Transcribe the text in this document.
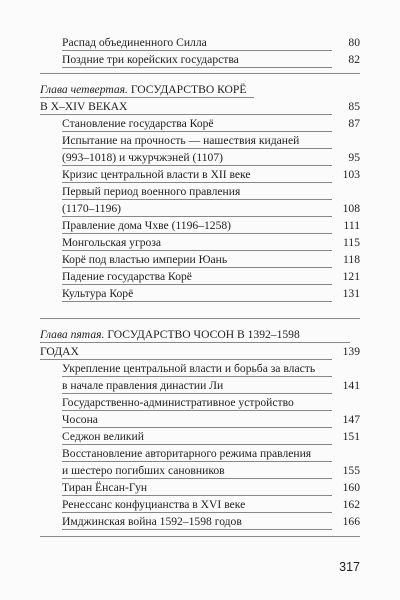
Распад объединенного Силла	80
Поздние три корейских государства	82
Глава четвертая. ГОСУДАРСТВО КОРЁ
В X–XIV ВЕКАХ	85
Становление государства Корё	87
Испытание на прочность — нашествия киданей
(993–1018) и чжурчжэней (1107)	95
Кризис центральной власти в XII веке	103
Первый период военного правления
(1170–1196)	108
Правление дома Чхве (1196–1258)	111
Монгольская угроза	115
Корё под властью империи Юань	118
Падение государства Корё	121
Культура Корё	131
Глава пятая. ГОСУДАРСТВО ЧОСОН В 1392–1598
ГОДАХ	139
Укрепление центральной власти и борьба за власть
в начале правления династии Ли	141
Государственно-административное устройство
Чосона	147
Седжон великий	151
Восстановление авторитарного режима правления
и шестеро погибших сановников	155
Тиран Ёнсан-Гун	160
Ренессанс конфуцианства в XVI веке	162
Имджинская война 1592–1598 годов	166
317
